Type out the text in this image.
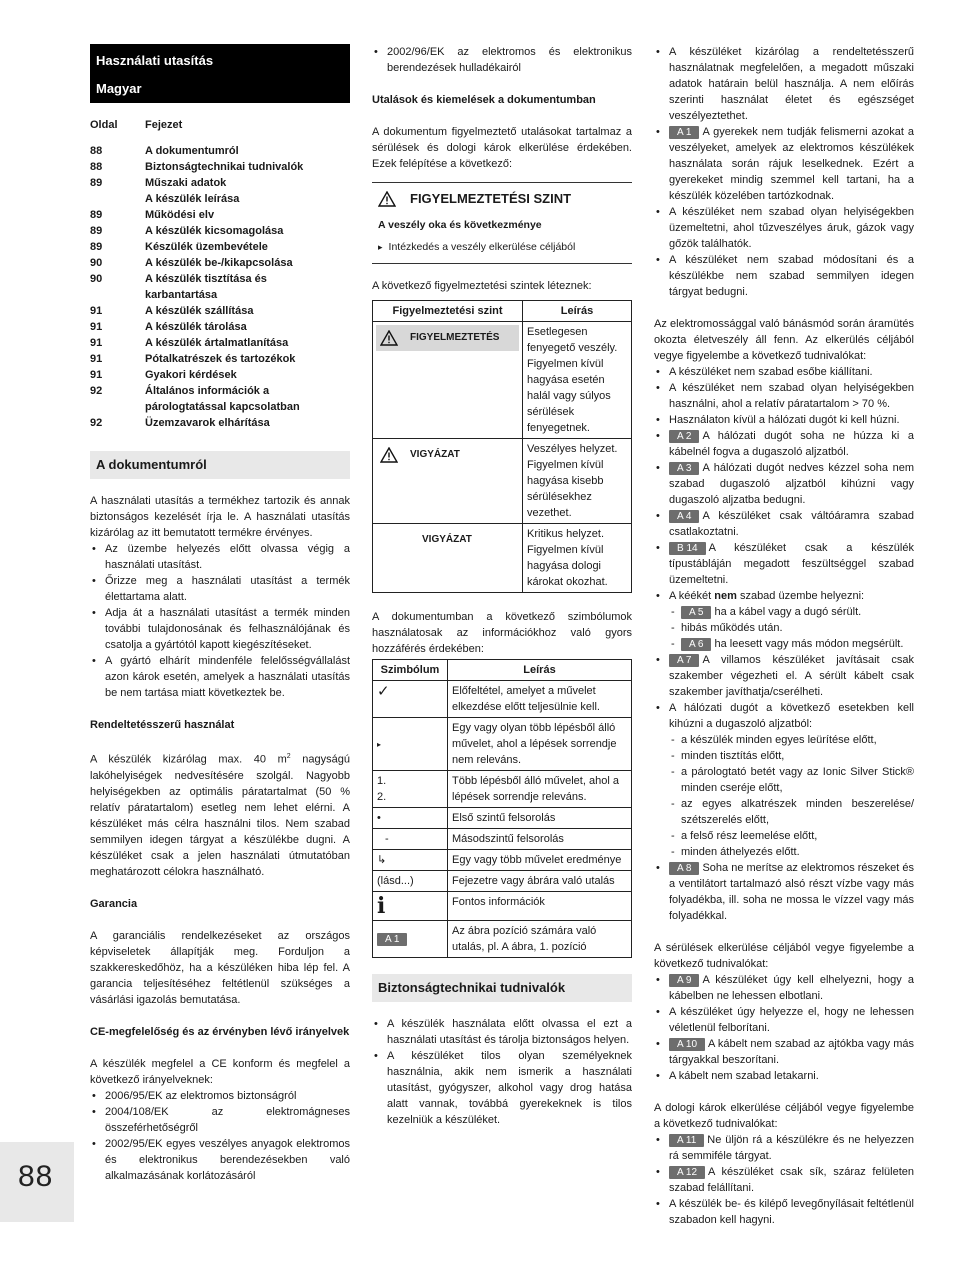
Használati utasítás
Magyar
Oldal	Fejezet
88	A dokumentumról
88	Biztonságtechnikai tudnivalók
89	Műszaki adatok
A készülék leírása
89	Működési elv
89	A készülék kicsomagolása
89	Készülék üzembevétele
90	A készülék be-/kikapcsolása
90	A készülék tisztítása és
karbantartása
91	A készülék szállítása
91	A készülék tárolása
91	A készülék ártalmatlanítása
91	Pótalkatrészek és tartozékok
91	Gyakori kérdések
92	Általános információk a
párologtatással kapcsolatban
92	Üzemzavarok elhárítása
A dokumentumról

A használati utasítás a termékhez tartozik és annak biztonságos kezelését írja le. A használati utasítás kizárólag az itt bemutatott termékre érvényes.

• Az üzembe helyezés előtt olvassa végig a használati utasítást.
• Őrizze meg a használati utasítást a termék élettartama alatt.
• Adja át a használati utasítást a termék minden további tulajdonosának és felhasználójának és csatolja a gyártótól kapott kiegészítéseket.
• A gyártó elhárít mindenféle felelősségvállalást azon károk esetén, amelyek a használati utasítás be nem tartása miatt következtek be.
Rendeltetésszerű használat

A készülék kizárólag max. 40 $m^2$ nagyságú lakóhelyiségek nedvesítésére szolgál. Nagyobb helyiségekben az optimális páratartalmat (50 % relatív páratartalom) esetleg nem lehet elérni. A készüléket más célra használni tilos. Nem szabad semmilyen idegen tárgyat a készülékbe dugni. A készüléket csak a jelen használati útmutatóban meghatározott célokra használható.

Garancia

A garanciális rendelkezéseket az országos képviseletek állapítják meg. Forduljon a szakkereskedőhöz, ha a készüléken hiba lép fel. A garancia teljesítéséhez feltétlenül szükséges a vásárlási igazolás bemutatása.

CE-megfelelőség és az érvényben lévő irányelvek

A készülék megfelel a CE konform és megfelel a következő irányelveknek:

• 2006/95/EK az elektromos biztonságról
• 2004/108/EK az elektromágneses összeférhetőségről
• 2002/95/EK egyes veszélyes anyagok elektromos és elektronikus berendezésekben való alkalmazásának korlátozásáról
• 2002/96/EK az elektromos és elektronikus berendezések hulladékairól
Utalások és kiemelések a dokumentumban

A dokumentum figyelmeztető utalásokat tartalmaz a sérülések és dologi károk elkerülése érdekében. Ezek felépítése a következő:

FIGYELMEZTETÉSI SZINT
A veszély oka és következménye
▸ Intézkedés a veszély elkerülése céljából

A következő figyelmeztetési szintek léteznek:

Figyelmeztetési szint	Leírás

FIGYELMEZTETÉS	Esetlegesen fenyegető veszély. Figyelmen kívül hagyása esetén halál vagy súlyos sérülések fenyegetnek.

VIGYÁZAT	Veszélyes helyzet. Figyelmen kívül hagyása kisebb sérülésekhez vezethet.

VIGYÁZAT	Kritikus helyzet. Figyelmen kívül hagyása dologi károkat okozhat.

A dokumentumban a következő szimbólumok használatosak az információkhoz való gyors hozzáférés érdekében:

Szimbólum	Leírás
✓	Előfeltétel, amelyet a művelet elkezdése előtt teljesülnie kell.
▸	Egy vagy olyan több lépésből álló művelet, ahol a lépések sorrendje nem releváns.
1.
2.	Több lépésből álló művelet, ahol a lépések sorrendje releváns.
•	Első szintű felsorolás
-	Másodszintű felsorolás
↳	Egy vagy több művelet eredménye
(lásd...)	Fejezetre vagy ábrára való utalás
i	Fontos információk
A 1	Az ábra pozíció számára való utalás, pl. A ábra, 1. pozíció
Biztonságtechnikai tudnivalók
• A készülék használata előtt olvassa el ezt a használati utasítást és tárolja biztonságos helyen.
• A készüléket tilos olyan személyeknek használnia, akik nem ismerik a használati utasítást, gyógyszer, alkohol vagy drog hatása alatt vannak, továbbá gyerekeknek is tilos kezelniük a készüléket.
• A készüléket kizárólag a rendeltetésszerű használatnak megfelelően, a megadott műszaki adatok határain belül használja. A nem előírás szerinti használat életet és egészséget veszélyeztethet.
• A 1 A gyerekek nem tudják felismerni azokat a veszélyeket, amelyek az elektromos készülékek használata során rájuk leselkednek. Ezért a gyerekeket mindig szemmel kell tartani, ha a készülék közelében tartózkodnak.
• A készüléket nem szabad olyan helyiségekben üzemeltetni, ahol tűzveszélyes áruk, gázok vagy gőzök találhatók.
• A készüléket nem szabad módosítani és a készülékbe nem szabad semmilyen idegen tárgyat bedugni.

Az elektromossággal való bánásmód során áramütés okozta életveszély áll fenn. Az elkerülés céljából vegye figyelembe a következő tudnivalókat:

• A készüléket nem szabad esőbe kiállítani.
• A készüléket nem szabad olyan helyiségekben használni, ahol a relatív páratartalom > 70 %.
• Használaton kívül a hálózati dugót ki kell húzni.
• A 2 A hálózati dugót soha ne húzza ki a kábelnél fogva a dugaszoló aljzatból.
• A 3 A hálózati dugót nedves kézzel soha nem szabad dugaszoló aljzatból kihúzni vagy dugaszoló aljzatba bedugni.
• A 4 A készüléket csak váltóáramra szabad csatlakoztatni.
• B 14 A készüléket csak a készülék típustábláján megadott feszültséggel szabad üzemeltetni.
• A kéékét nem szabad üzembe helyezni:
- A 5 ha a kábel vagy a dugó sérült.
- hibás működés után.
- A 6 ha leesett vagy más módon megsérült.
• A 7 A villamos készüléket javításait csak szakember végezheti el. A sérült kábelt csak szakember javíthatja/cserélheti.
• A hálózati dugót a következő esetekben kell kihúzni a dugaszoló aljzatból:
- a készülék minden egyes leürítése előtt,
- minden tisztítás előtt,
- a párologtató betét vagy az Ionic Silver Stick® minden cseréje előtt,
- az egyes alkatrészek minden beszerelése/ szétszerelés előtt,
- a felső rész leemelése előtt,
- minden áthelyezés előtt.
• A 8 Soha ne merítse az elektromos részeket és a ventilátort tartalmazó alsó részt vízbe vagy más folyadékba, ill. soha ne mossa le vízzel vagy más folyadékkal.

A sérülések elkerülése céljából vegye figyelembe a következő tudnivalókat:

• A 9 A készüléket úgy kell elhelyezni, hogy a kábelben ne lehessen elbotlani.
• A készüléket úgy helyezze el, hogy ne lehessen véletlenül felborítani.
• A 10 A kábelt nem szabad az ajtókba vagy más tárgyakkal beszorítani.
• A kábelt nem szabad letakarni.

A dologi károk elkerülése céljából vegye figyelembe a következő tudnivalókat:

• A 11 Ne üljön rá a készülékre és ne helyezzen rá semmiféle tárgyat.
• A 12 A készüléket csak sík, száraz felületen szabad felállítani.
• A készülék be- és kilépő levegőnyílásait feltétlenül szabadon kell hagyni.
88
